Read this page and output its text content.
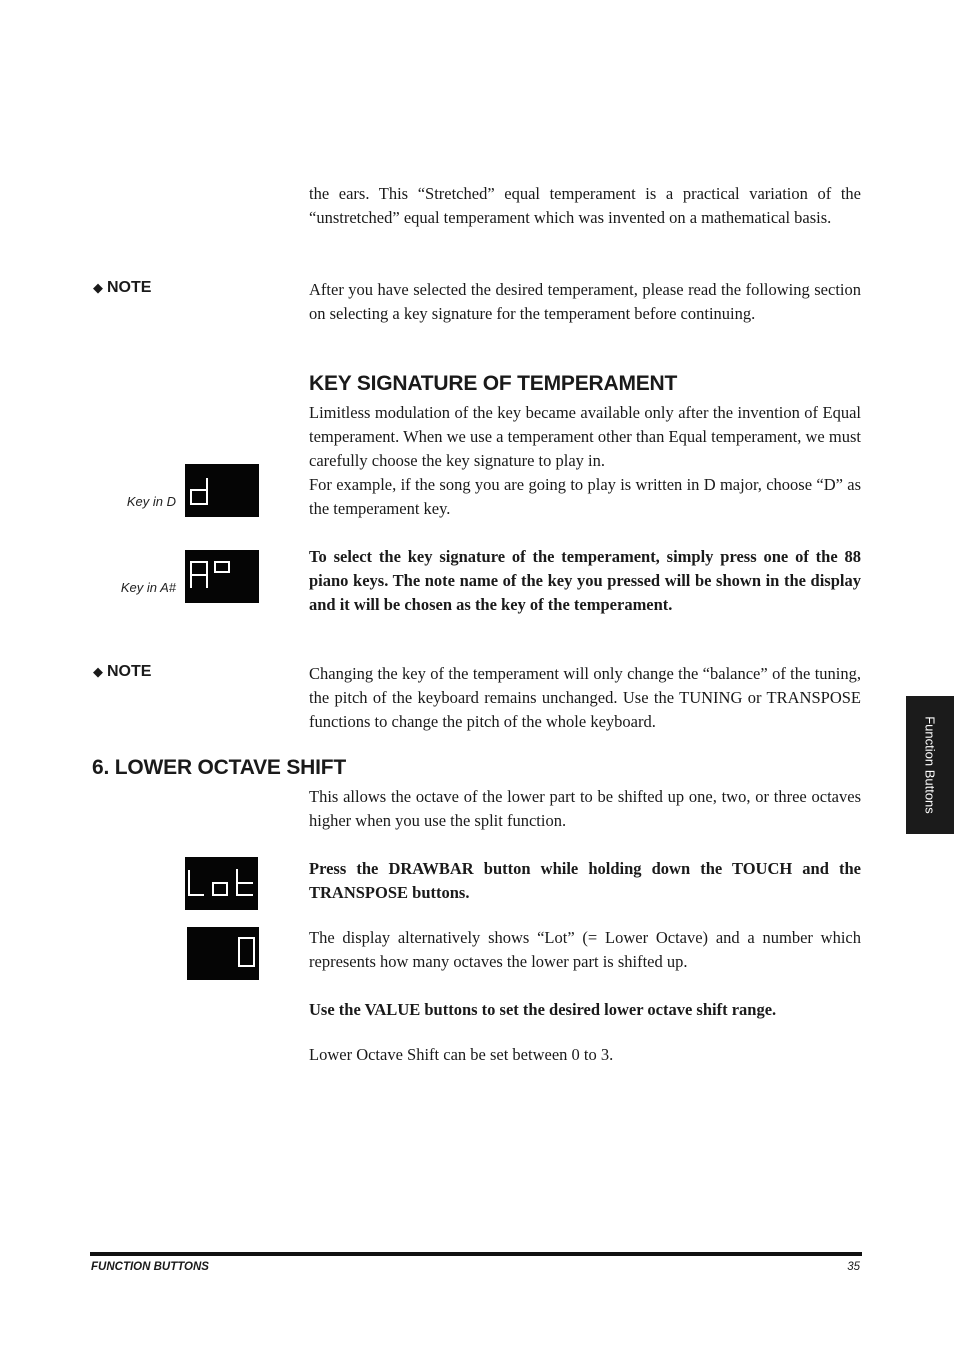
the ears. This “Stretched” equal temperament is a practical variation of the “unstretched” equal temperament which was invented on a mathematical basis.

◆ NOTE	After you have selected the desired temperament, please read the following section on selecting a key signature for the temperament before continuing.

KEY SIGNATURE OF TEMPERAMENT

Limitless modulation of the key became available only after the invention of Equal temperament. When we use a temperament other than Equal temperament, we must carefully choose the key signature to play in.

For example, if the song you are going to play is written in D major, choose “D” as the temperament key.

To select the key signature of the temperament, simply press one of the 88 piano keys. The note name of the key you pressed will be shown in the display and it will be chosen as the key of the temperament.

Key in D
Key in A#
◆ NOTE	Changing the key of the temperament will only change the “balance” of the tuning, the pitch of the keyboard remains unchanged. Use the TUNING or TRANSPOSE functions to change the pitch of the whole keyboard.

6. LOWER OCTAVE SHIFT

This allows the octave of the lower part to be shifted up one, two, or three octaves higher when you use the split function.

Press the DRAWBAR button while holding down the TOUCH and the TRANSPOSE buttons.

The display alternatively shows “Lot” (= Lower Octave) and a number which represents how many octaves the lower part is shifted up.

Use the VALUE buttons to set the desired lower octave shift range.

Lower Octave Shift can be set between 0 to 3.

Function Buttons
FUNCTION BUTTONS	35
